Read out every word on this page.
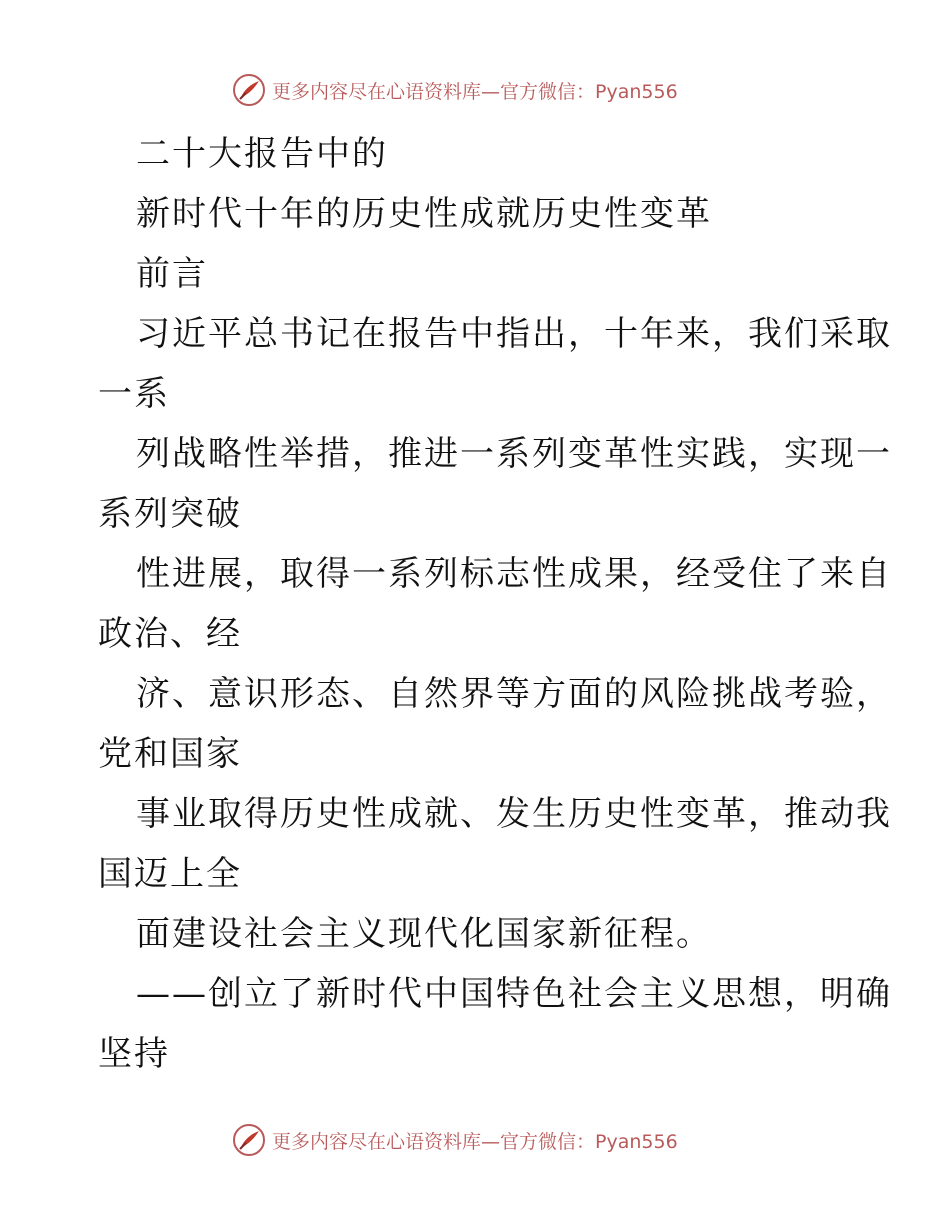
更多内容尽在心语资料库—官方微信：Pyan556
二十大报告中的
新时代十年的历史性成就历史性变革
前言
习近平总书记在报告中指出，十年来，我们采取
一系
列战略性举措，推进一系列变革性实践，实现一
系列突破
性进展，取得一系列标志性成果，经受住了来自
政治、经
济、意识形态、自然界等方面的风险挑战考验，
党和国家
事业取得历史性成就、发生历史性变革，推动我
国迈上全
面建设社会主义现代化国家新征程。
——创立了新时代中国特色社会主义思想，明确
坚持
更多内容尽在心语资料库—官方微信：Pyan556
